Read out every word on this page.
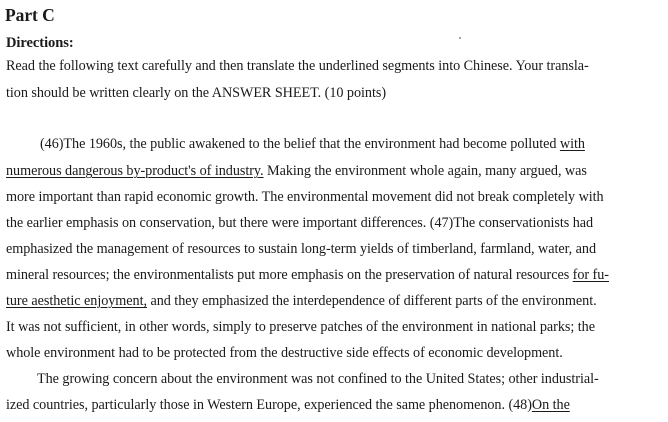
Part C
Directions:
Read the following text carefully and then translate the underlined segments into Chinese. Your transla-
tion should be written clearly on the ANSWER SHEET. (10 points)
(46)The 1960s, the public awakened to the belief that the environment had become polluted with
numerous dangerous by-product's of industry. Making the environment whole again, many argued, was
more important than rapid economic growth. The environmental movement did not break completely with
the earlier emphasis on conservation, but there were important differences. (47)The conservationists had
emphasized the management of resources to sustain long-term yields of timberland, farmland, water, and
mineral resources; the environmentalists put more emphasis on the preservation of natural resources for fu-
ture aesthetic enjoyment, and they emphasized the interdependence of different parts of the environment.
It was not sufficient, in other words, simply to preserve patches of the environment in national parks; the
whole environment had to be protected from the destructive side effects of economic development.
The growing concern about the environment was not confined to the United States; other industrial-
ized countries, particularly those in Western Europe, experienced the same phenomenon. (48)On the
